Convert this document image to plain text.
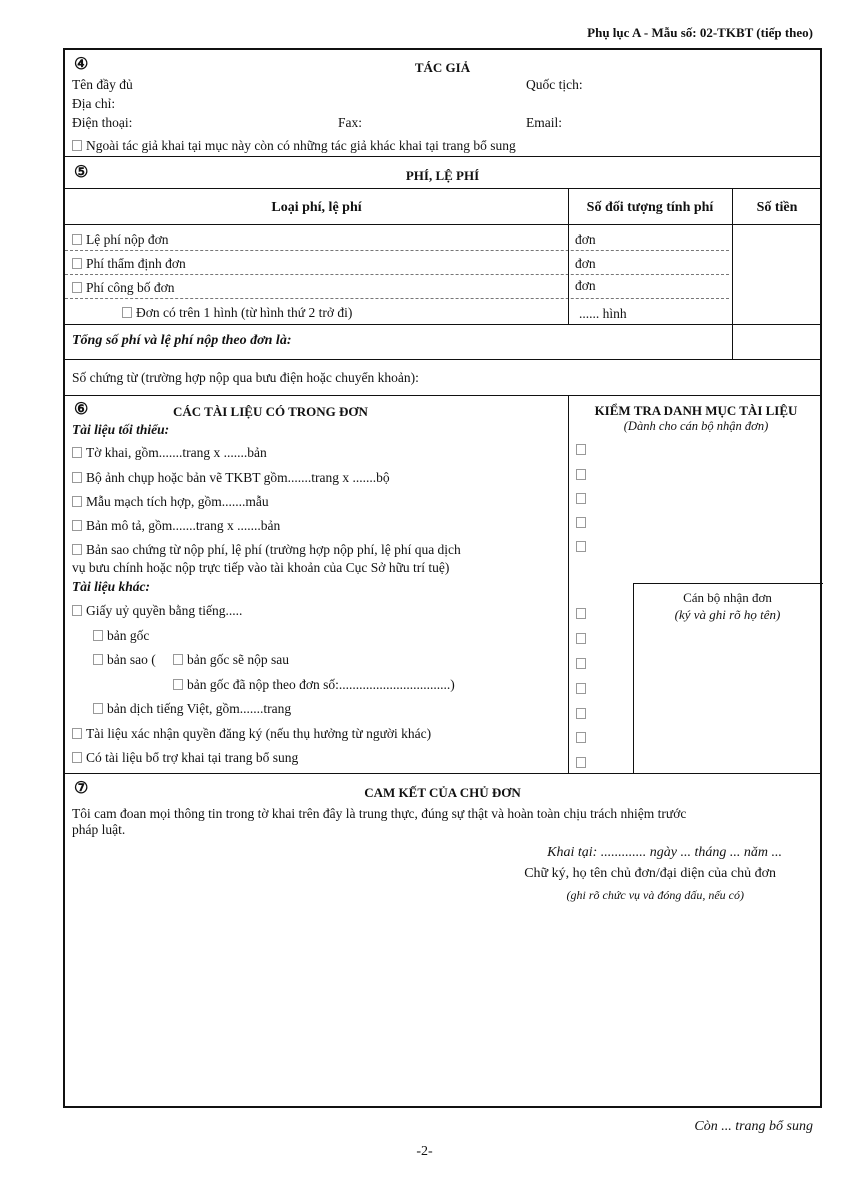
Phụ lục A - Mẫu số: 02-TKBT (tiếp theo)
④	TÁC GIẢ
Tên đầy đủ	Quốc tịch:
Địa chỉ:
Điện thoại:	Fax:	Email:
Ngoài tác giả khai tại mục này còn có những tác giả khác khai tại trang bổ sung
⑤	PHÍ, LỆ PHÍ
Loại phí, lệ phí	Số đối tượng tính phí	Số tiền
Lệ phí nộp đơn	đơn
Phí thẩm định đơn	đơn
Phí công bố đơn	đơn
Đơn có trên 1 hình (từ hình thứ 2 trở đi)	...... hình
Tổng số phí và lệ phí nộp theo đơn là:
Số chứng từ (trường hợp nộp qua bưu điện hoặc chuyển khoản):
⑥	CÁC TÀI LIỆU CÓ TRONG ĐƠN	KIỂM TRA DANH MỤC TÀI LIỆU
(Dành cho cán bộ nhận đơn)
Tài liệu tối thiểu:
Tờ khai, gồm.......trang x .......bản
Bộ ảnh chụp hoặc bản vẽ TKBT gồm.......trang x .......bộ
Mẫu mạch tích hợp, gồm.......mẫu
Bản mô tả, gồm.......trang x .......bản
Bản sao chứng từ nộp phí, lệ phí (trường hợp nộp phí, lệ phí qua dịch
vụ bưu chính hoặc nộp trực tiếp vào tài khoản của Cục Sở hữu trí tuệ)
Tài liệu khác:
Giấy uỷ quyền bằng tiếng.....
bản gốc
bản sao (	bản gốc sẽ nộp sau
bản gốc đã nộp theo đơn số:.................................)
bản dịch tiếng Việt, gồm.......trang
Tài liệu xác nhận quyền đăng ký (nếu thụ hưởng từ người khác)
Có tài liệu bổ trợ khai tại trang bổ sung
Cán bộ nhận đơn
(ký và ghi rõ họ tên)
⑦	CAM KẾT CỦA CHỦ ĐƠN
Tôi cam đoan mọi thông tin trong tờ khai trên đây là trung thực, đúng sự thật và hoàn toàn chịu trách nhiệm trước
pháp luật.
Khai tại: ............. ngày ... tháng ... năm ...
Chữ ký, họ tên chủ đơn/đại diện của chủ đơn
(ghi rõ chức vụ và đóng dấu, nếu có)
Còn ... trang bổ sung
-2-
